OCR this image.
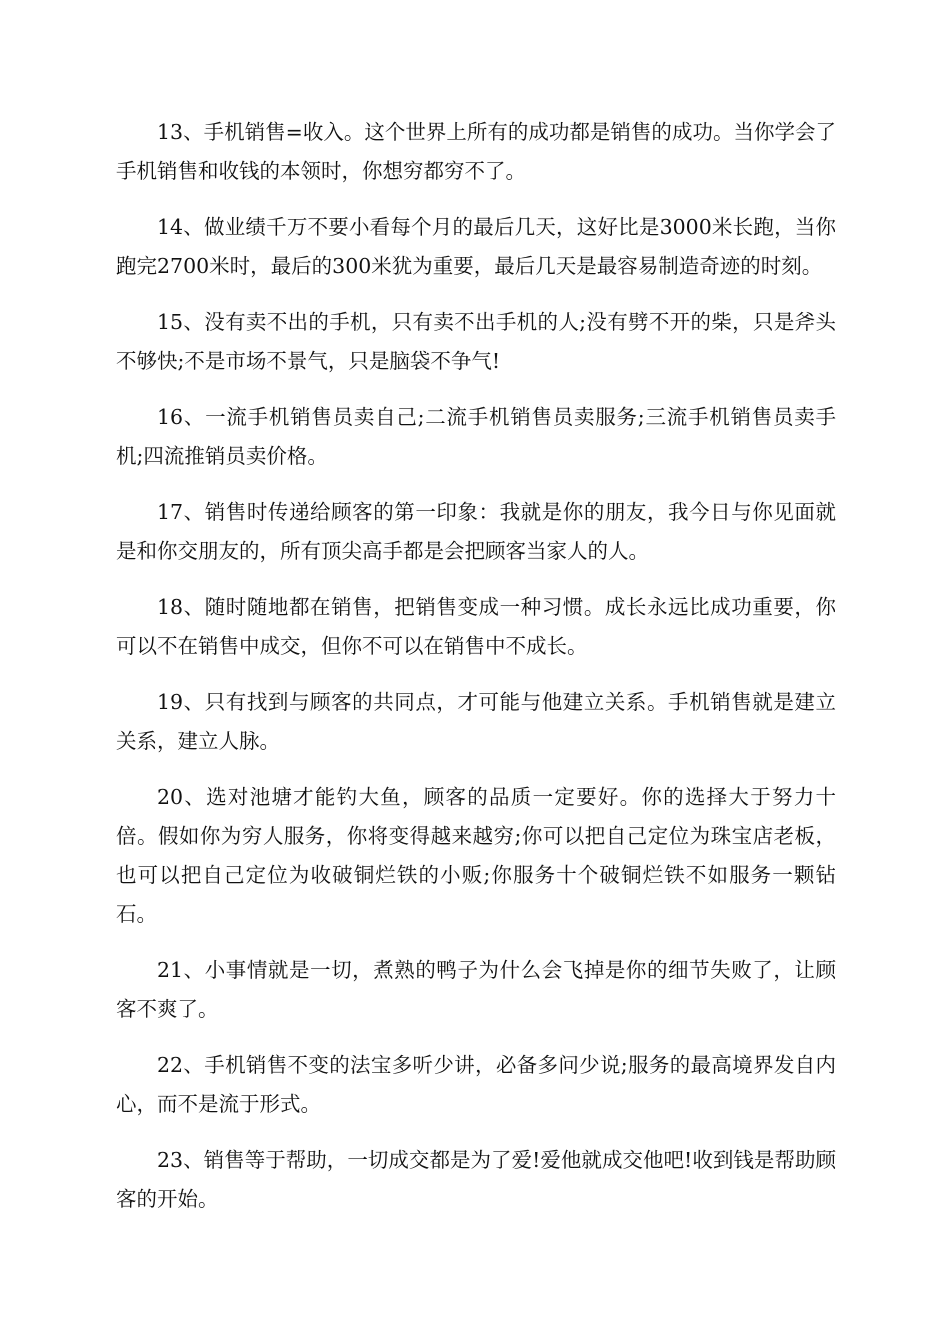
13、手机销售=收入。这个世界上所有的成功都是销售的成功。当你学会了手机销售和收钱的本领时，你想穷都穷不了。

14、做业绩千万不要小看每个月的最后几天，这好比是3000米长跑，当你跑完2700米时，最后的300米犹为重要，最后几天是最容易制造奇迹的时刻。

15、没有卖不出的手机，只有卖不出手机的人;没有劈不开的柴，只是斧头不够快;不是市场不景气，只是脑袋不争气!

16、一流手机销售员卖自己;二流手机销售员卖服务;三流手机销售员卖手机;四流推销员卖价格。

17、销售时传递给顾客的第一印象：我就是你的朋友，我今日与你见面就是和你交朋友的，所有顶尖高手都是会把顾客当家人的人。

18、随时随地都在销售，把销售变成一种习惯。成长永远比成功重要，你可以不在销售中成交，但你不可以在销售中不成长。

19、只有找到与顾客的共同点，才可能与他建立关系。手机销售就是建立关系，建立人脉。

20、选对池塘才能钓大鱼，顾客的品质一定要好。你的选择大于努力十倍。假如你为穷人服务，你将变得越来越穷;你可以把自己定位为珠宝店老板，也可以把自己定位为收破铜烂铁的小贩;你服务十个破铜烂铁不如服务一颗钻石。

21、小事情就是一切，煮熟的鸭子为什么会飞掉是你的细节失败了，让顾客不爽了。

22、手机销售不变的法宝多听少讲，必备多问少说;服务的最高境界发自内心，而不是流于形式。

23、销售等于帮助，一切成交都是为了爱!爱他就成交他吧!收到钱是帮助顾客的开始。
